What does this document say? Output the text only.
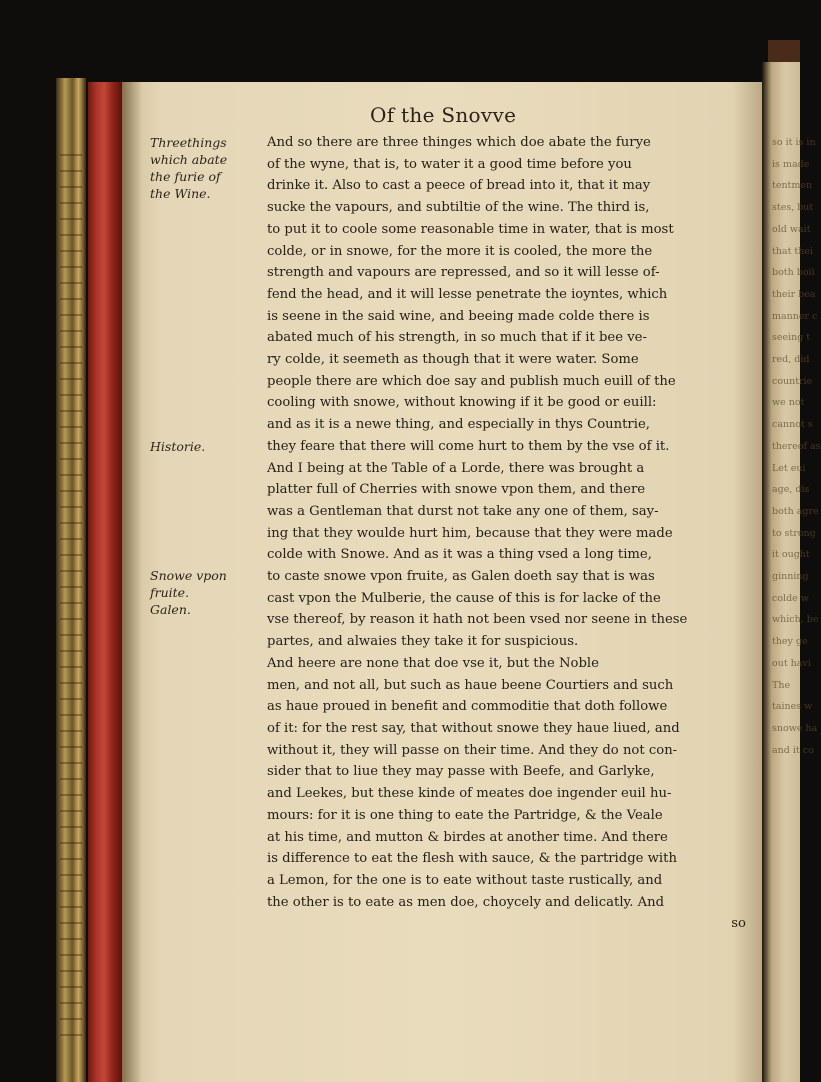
so it is in
is made
tentmen
stes, but
old wait
that thei
both boil
their bea
manner c
seeing t
red, did
countrie
we not
cannot s
thereof as
Let eui
age, dis
both agre
to strong
it ought
ginning
colde w
which, be
they ge
out havi
The
taines w
snowe ha
and it co
Of the Snovve
Threethings
which abate
the furie of
the Wine.
Historie.
Snowe vpon
fruite.
Galen.
And so there are three thinges which doe abate the furye
of the wyne, that is, to water it a good time before you
drinke it. Also to cast a peece of bread into it, that it may
sucke the vapours, and subtiltie of the wine. The third is,
to put it to coole some reasonable time in water, that is most
colde, or in snowe, for the more it is cooled, the more the
strength and vapours are repressed, and so it will lesse of-
fend the head, and it will lesse penetrate the ioyntes, which
is seene in the said wine, and beeing made colde there is
abated much of his strength, in so much that if it bee ve-
ry colde, it seemeth as though that it were water. Some
people there are which doe say and publish much euill of the
cooling with snowe, without knowing if it be good or euill:
and as it is a newe thing, and especially in thys Countrie,
they feare that there will come hurt to them by the vse of it.
And I being at the Table of a Lorde, there was brought a
platter full of Cherries with snowe vpon them, and there
was a Gentleman that durst not take any one of them, say-
ing that they woulde hurt him, because that they were made
colde with Snowe. And as it was a thing vsed a long time,
to caste snowe vpon fruite, as Galen doeth say that is was
cast vpon the Mulberie, the cause of this is for lacke of the
vse thereof, by reason it hath not been vsed nor seene in these
partes, and alwaies they take it for suspicious.
And heere are none that doe vse it, but the Noble
men, and not all, but such as haue beene Courtiers and such
as haue proued in benefit and commoditie that doth followe
of it: for the rest say, that without snowe they haue liued, and
without it, they will passe on their time. And they do not con-
sider that to liue they may passe with Beefe, and Garlyke,
and Leekes, but these kinde of meates doe ingender euil hu-
mours: for it is one thing to eate the Partridge, & the Veale
at his time, and mutton & birdes at another time. And there
is difference to eat the flesh with sauce, & the partridge with
a Lemon, for the one is to eate without taste rustically, and
the other is to eate as men doe, choycely and delicatly. And
so
